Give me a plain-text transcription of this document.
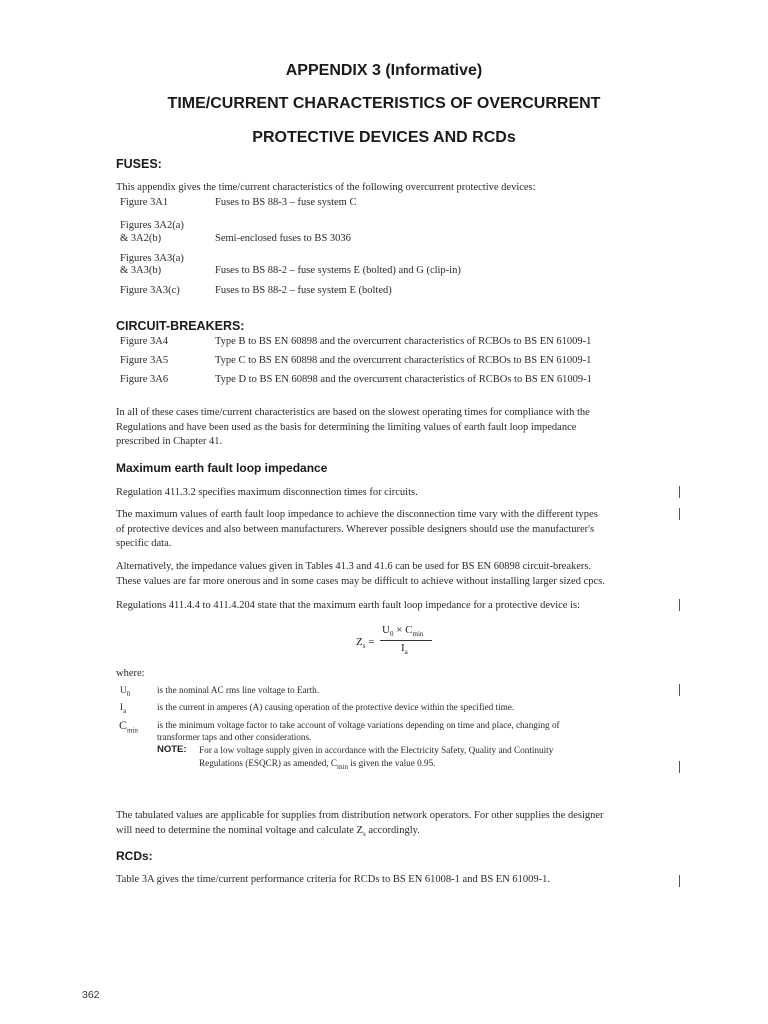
APPENDIX 3 (Informative)
TIME/CURRENT CHARACTERISTICS OF OVERCURRENT
PROTECTIVE DEVICES AND RCDs
FUSES:
This appendix gives the time/current characteristics of the following overcurrent protective devices:
Figure 3A1	Fuses to BS 88-3 – fuse system C
Figures 3A2(a)
& 3A2(b)	Semi-enclosed fuses to BS 3036
Figures 3A3(a)
& 3A3(b)	Fuses to BS 88-2 – fuse systems E (bolted) and G (clip-in)
Figure 3A3(c)	Fuses to BS 88-2 – fuse system E (bolted)
CIRCUIT-BREAKERS:
Figure 3A4	Type B to BS EN 60898 and the overcurrent characteristics of RCBOs to BS EN 61009-1
Figure 3A5	Type C to BS EN 60898 and the overcurrent characteristics of RCBOs to BS EN 61009-1
Figure 3A6	Type D to BS EN 60898 and the overcurrent characteristics of RCBOs to BS EN 61009-1
In all of these cases time/current characteristics are based on the slowest operating times for compliance with the
Regulations and have been used as the basis for determining the limiting values of earth fault loop impedance
prescribed in Chapter 41.
Maximum earth fault loop impedance
Regulation 411.3.2 specifies maximum disconnection times for circuits.
The maximum values of earth fault loop impedance to achieve the disconnection time vary with the different types
of protective devices and also between manufacturers. Wherever possible designers should use the manufacturer's
specific data.
Alternatively, the impedance values given in Tables 41.3 and 41.6 can be used for BS EN 60898 circuit-breakers.
These values are far more onerous and in some cases may be difficult to achieve without installing larger sized cpcs.
Regulations 411.4.4 to 411.4.204 state that the maximum earth fault loop impedance for a protective device is:
$Z_s$ =
$U_0 \times C_{min}$
$I_a$
where:
$U_0$	is the nominal AC rms line voltage to Earth.
$I_a$	is the current in amperes (A) causing operation of the protective device within the specified time.
$C_{min}$
is the minimum voltage factor to take account of voltage variations depending on time and place, changing of
transformer taps and other considerations.
NOTE: For a low voltage supply given in accordance with the Electricity Safety, Quality and Continuity
Regulations (ESQCR) as amended, $C_{min}$ is given the value 0.95.
The tabulated values are applicable for supplies from distribution network operators. For other supplies the designer
will need to determine the nominal voltage and calculate $Z_s$ accordingly.
RCDs:
Table 3A gives the time/current performance criteria for RCDs to BS EN 61008-1 and BS EN 61009-1.
362
